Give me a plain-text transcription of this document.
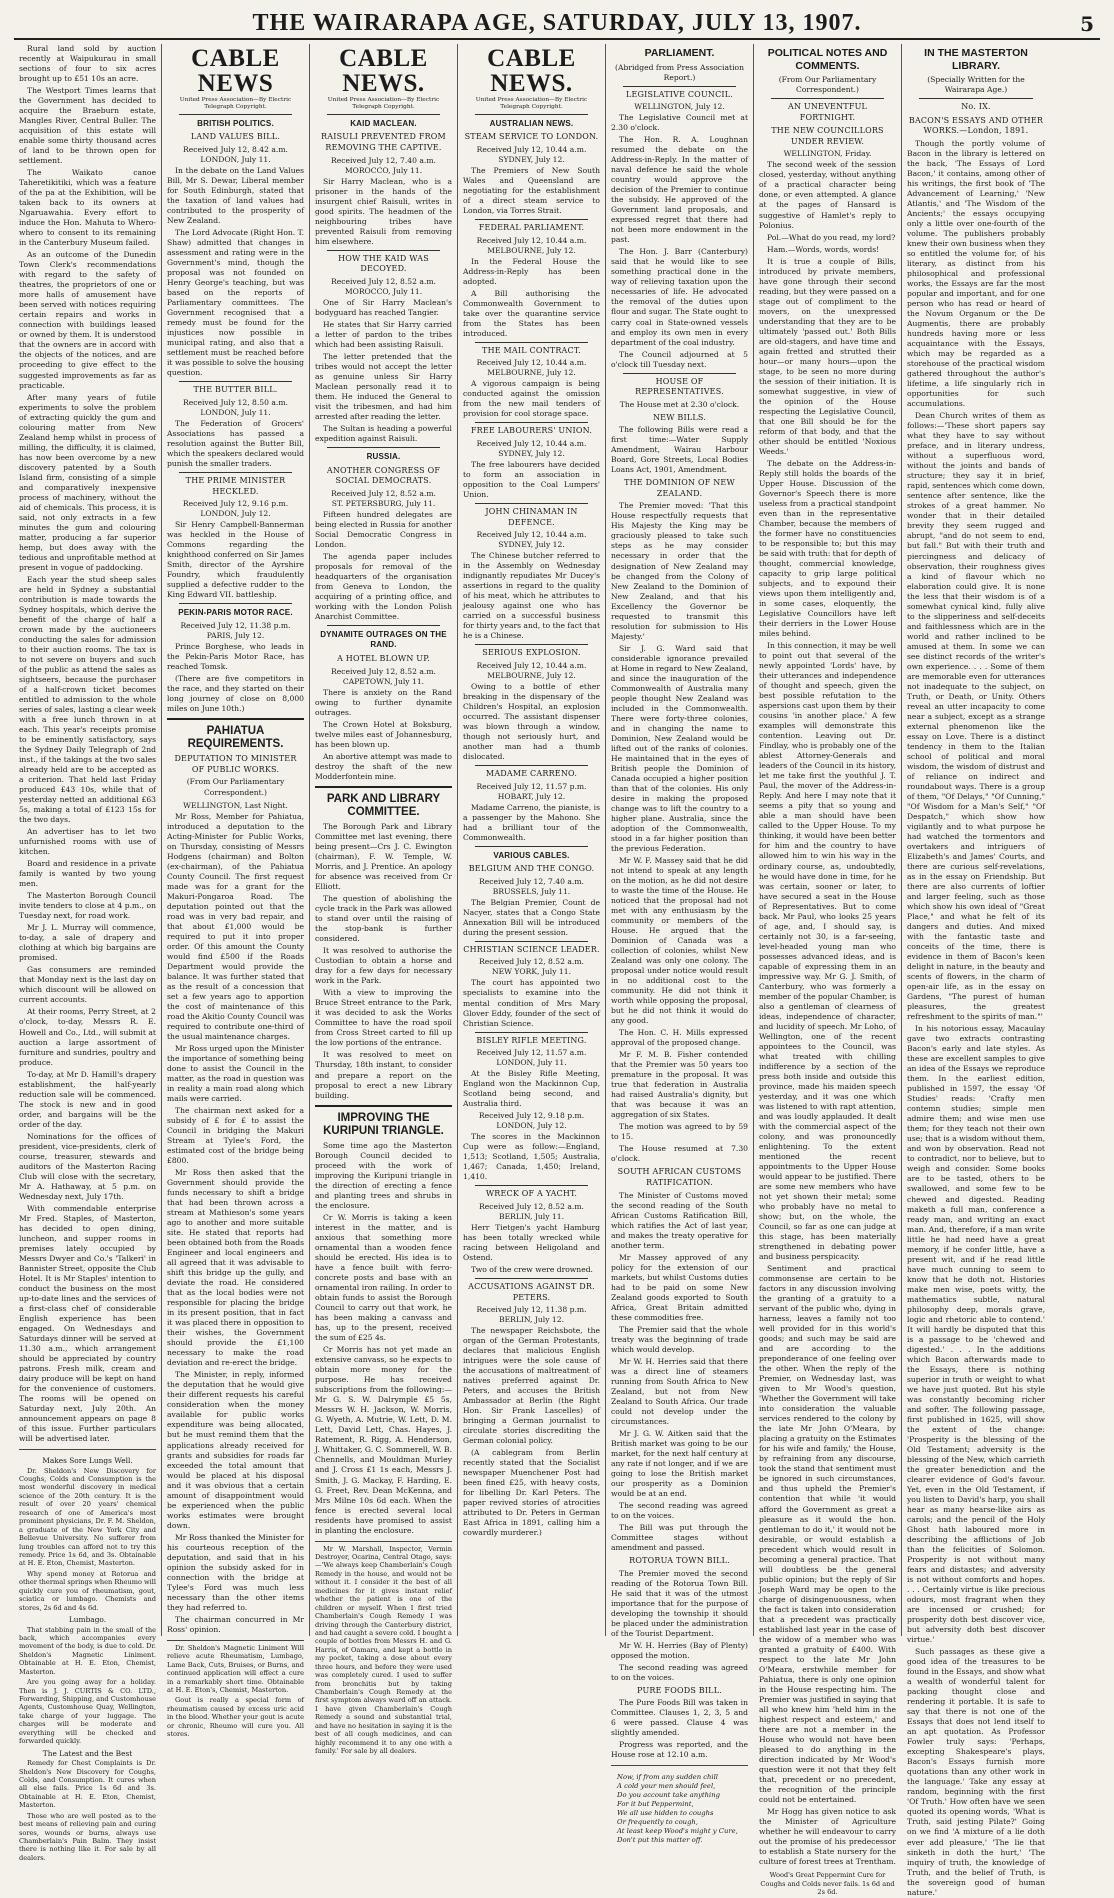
THE WAIRARAPA AGE, SATURDAY, JULY 13, 1907.	5

Rural land sold by auction recently at Waipukurau in small sections of four to six acres brought up to £51 10s an acre.

The Westport Times learns that the Government has decided to acquire the Braeburn estate, Mangles River, Central Buller. The acquisition of this estate will enable some thirty thousand acres of land to be thrown open for settlement.

The Waikato canoe Taheretikitiki, which was a feature of the pa at the Exhibition, will be taken back to its owners at Ngaruawahia. Every effort to induce the Hon. Mahuta to Whero-whero to consent to its remaining in the Canterbury Museum failed.

As an outcome of the Dunedin Town Clerk's recommendations with regard to the safety of theatres, the proprietors of one or more halls of amusement have been served with notices requiring certain repairs and works in connection with buildings leased or owned by them. It is understood that the owners are in accord with the objects of the notices, and are proceeding to give effect to the suggested improvements as far as practicable.

After many years of futile experiments to solve the problem of extracting quickly the gum and colouring matter from New Zealand hemp whilst in process of milling, the difficulty, it is claimed, has now been overcome by a new discovery patented by a South Island firm, consisting of a simple and comparatively inexpensive process of machinery, without the aid of chemicals. This process, it is said, not only extracts in a few minutes the gum and colouring matter, producing a far superior hemp, but does away with the tedious and unprofitable method at present in vogue of paddocking.

Each year the stud sheep sales are held in Sydney a substantial contribution is made towards the Sydney hospitals, which derive the benefit of the charge of half a crown made by the auctioneers conducting the sales for admission to their auction rooms. The tax is to not severe on buyers and such of the public as attend the sales as sightseers, because the purchaser of a half-crown ticket becomes entitled to admission to the whole series of sales, lasting a clear week with a free lunch thrown in at each. This year's receipts promise to be eminently satisfactory, says the Sydney Daily Telegraph of 2nd inst., if the takings at the two sales already held are to be accepted as a criterion. That held last Friday produced £43 10s, while that of yesterday netted an additional £63 5s, making a total of £123 15s for the two days.

An advertiser has to let two unfurnished rooms with use of kitchen.

Board and residence in a private family is wanted by two young men.

The Masterton Borough Council invite tenders to close at 4 p.m., on Tuesday next, for road work.

Mr J. L. Murray will commence, to-day, a sale of drapery and clothing at which big bargains are promised.

Gas consumers are reminded that Monday next is the last day on which discount will be allowed on current accounts.

At their rooms, Perry Street, at 2 o'clock, to-day, Messrs R. E. Howell and Co., Ltd., will submit at auction a large assortment of furniture and sundries, poultry and produce.

To-day, at Mr D. Hamill's drapery establishment, the half-yearly reduction sale will be commenced. The stock is new and in good order, and bargains will be the order of the day.

Nominations for the offices of president, vice-presidents, clerk of course, treasurer, stewards and auditors of the Masterton Racing Club will close with the secretary, Mr A. Hathaway, at 5 p.m. on Wednesday next, July 17th.

With commendable enterprise Mr Fred. Staples, of Masterton, has decided to open dining, luncheon, and supper rooms in premises lately occupied by Messrs Dwyer and Co.'s 'Talkeri' in Bannister Street, opposite the Club Hotel. It is Mr Staples' intention to conduct the business on the most up-to-date lines and the services of a first-class chef of considerable English experience has been engaged. On Wednesdays and Saturdays dinner will be served at 11.30 a.m., which arrangement should be appreciated by country patrons. Fresh milk, cream and dairy produce will be kept on hand for the convenience of customers. The rooms will be opened on Saturday next, July 20th. An announcement appears on page 8 of this issue. Further particulars will be advertised later.

Makes Sore Lungs Well.

Dr. Sheldon's New Discovery for Coughs, Colds and Consumption is the most wonderful discovery in medical science of the 20th century. It is the result of over 20 years' chemical research of one of America's most prominent physicians, Dr. F. M. Sheldon, a graduate of the New York City and Bellevue University. No sufferer from lung troubles can afford not to try this remedy. Price 1s 6d, and 3s. Obtainable at H. E. Eton, Chemist, Masterton.

Why spend money at Rotorua and other thermal springs when Rheumo will quickly cure you of rheumatism, gout, sciatica or lumbago. Chemists and stores, 2s 6d and 4s 6d.

Lumbago.

That stabbing pain in the small of the back, which accompanies every movement of the body, is due to cold. Dr. Sheldon's Magnetic Liniment. Obtainable at H. E. Eton, Chemist, Masterton.

Are you going away for a holiday. Then is J. J. CURTIS & CO. LTD., Forwarding, Shipping, and Customhouse Agents, Customhouse Quay, Wellington, take charge of your luggage. The charges will be moderate and everything will be checked and forwarded quickly.

The Latest and the Best

Remedy for Chest Complaints is Dr. Sheldon's New Discovery for Coughs, Colds, and Consumption. It cures when all else fails. Price 1s 6d and 3s. Obtainable at H. E. Eton, Chemist, Masterton.

Those who are well posted as to the best means of relieving pain and curing sores, wounds or burns, always use Chamberlain's Pain Balm. They insist there is nothing like it. For sale by all dealers.

CABLE NEWS
United Press Association—By Electric Telegraph Copyright.
BRITISH POLITICS.
LAND VALUES BILL.
Received July 12, 8.42 a.m.
LONDON, July 11.

In the debate on the Land Values Bill, Mr S. Dewar, Liberal member for South Edinburgh, stated that the taxation of land values had contributed to the prosperity of New Zealand.

The Lord Advocate (Right Hon. T. Shaw) admitted that changes in assessment and rating were in the Government's mind, though the proposal was not founded on Henry George's teaching, but was based on the reports of Parliamentary committees. The Government recognised that a remedy must be found for the injustices now possible in municipal rating, and also that a settlement must be reached before it was possible to solve the housing question.

THE BUTTER BILL.
Received July 12, 8.50 a.m.
LONDON, July 11.

The Federation of Grocers' Associations has passed a resolution against the Butter Bill, which the speakers declared would punish the smaller traders.

THE PRIME MINISTER HECKLED.
Received July 12, 9.16 p.m.
LONDON, July 12.

Sir Henry Campbell-Bannerman was heckled in the House of Commons regarding the knighthood conferred on Sir James Smith, director of the Ayrshire Foundry, which fraudulently supplied a defective rudder to the King Edward VII. battleship.

PEKIN-PARIS MOTOR RACE.
Received July 12, 11.38 p.m.
PARIS, July 12.

Prince Borghese, who leads in the Pekin-Paris Motor Race, has reached Tomsk.

(There are five competitors in the race, and they started on their long journey of close on 8,000 miles on June 10th.)

PAHIATUA REQUIREMENTS.
DEPUTATION TO MINISTER OF PUBLIC WORKS.
(From Our Parliamentary Correspondent.)
WELLINGTON, Last Night.

Mr Ross, Member for Pahiatua, introduced a deputation to the Acting-Minister for Public Works, on Thursday, consisting of Messrs Hodgens (chairman) and Bolton (ex-chairman), of the Pahiatua County Council. The first request made was for a grant for the Makuri-Pongaroa Road. The deputation pointed out that the road was in very bad repair, and that about £1,000 would be required to put it into proper order. Of this amount the County would find £500 if the Roads Department would provide the balance. It was further stated that as the result of a concession that set a few years ago to apportion the cost of maintenance of this road the Akitio County Council was required to contribute one-third of the usual maintenance charges.

Mr Ross urged upon the Minister the importance of something being done to assist the Council in the matter, as the road in question was in reality a main road along which mails were carried.

The chairman next asked for a subsidy of £ for £ to assist the Council in bridging the Makuri Stream at Tylee's Ford, the estimated cost of the bridge being £800.

Mr Ross then asked that the Government should provide the funds necessary to shift a bridge that had been thrown across a stream at Mathieson's some years ago to another and more suitable site. He stated that reports had been obtained both from the Roads Engineer and local engineers and all agreed that it was advisable to shift this bridge up the gully, and deviate the road. He considered that as the local bodies were not responsible for placing the bridge in its present position, that in fact it was placed there in opposition to their wishes, the Government should provide the £1,100 necessary to make the road deviation and re-erect the bridge.

The Minister, in reply, informed the deputation that he would give their different requests his careful consideration when the money available for public works expenditure was being allocated, but he must remind them that the applications already received for grants and subsidies for roads far exceeded the total amount that would be placed at his disposal and it was obvious that a certain amount of disappointment would be experienced when the public works estimates were brought down.

Mr Ross thanked the Minister for his courteous reception of the deputation, and said that in his opinion the subsidy asked for in connection with the bridge at Tylee's Ford was much less necessary than the other items they had referred to.

The chairman concurred in Mr Ross' opinion.

Dr. Sheldon's Magnetic Liniment Will relieve acute Rheumatism, Lumbago, Lame Back, Cuts, Bruises, or Burns, and continued application will effect a cure in a remarkably short time. Obtainable at H. E. Eton's, Chemist, Masterton.

Gout is really a special form of rheumatism caused by excess uric acid in the blood. Whether your gout is acute or chronic, Rheumo will cure you. All stores.

CABLE NEWS.
United Press Association—By Electric Telegraph Copyright.
KAID MACLEAN.
RAISULI PREVENTED FROM REMOVING THE CAPTIVE.
Received July 12, 7.40 a.m.
MOROCCO, July 11.

Sir Harry Maclean, who is a prisoner in the hands of the insurgent chief Raisuli, writes in good spirits. The headmen of the neighbouring tribes have prevented Raisuli from removing him elsewhere.

HOW THE KAID WAS DECOYED.
Received July 12, 8.52 a.m.
MOROCCO, July 11.

One of Sir Harry Maclean's bodyguard has reached Tangier.

He states that Sir Harry carried a letter of pardon to the tribes which had been assisting Raisuli.

The letter pretended that the tribes would not accept the letter as genuine unless Sir Harry Maclean personally read it to them. He induced the General to visit the tribesmen, and had him arrested after reading the letter.

The Sultan is heading a powerful expedition against Raisuli.

RUSSIA.
ANOTHER CONGRESS OF SOCIAL DEMOCRATS.
Received July 12, 8.52 a.m.
ST. PETERSBURG, July 11.

Fifteen hundred delegates are being elected in Russia for another Social Democratic Congress in London.

The agenda paper includes proposals for removal of the headquarters of the organisation from Geneva to London, the acquiring of a printing office, and working with the London Polish Anarchist Committee.

DYNAMITE OUTRAGES ON THE RAND.
A HOTEL BLOWN UP.
Received July 12, 8.52 a.m.
CAPETOWN, July 11.

There is anxiety on the Rand owing to further dynamite outrages.

The Crown Hotel at Boksburg, twelve miles east of Johannesburg, has been blown up.

An abortive attempt was made to destroy the shaft of the new Modderfontein mine.

PARK AND LIBRARY COMMITTEE.

The Borough Park and Library Committee met last evening, there being present—Crs J. C. Ewington (chairman), F. W. Temple, W. Morris, and J. Prentice. An apology for absence was received from Cr Elliott.

The question of abolishing the cycle track in the Park was allowed to stand over until the raising of the stop-bank is further considered.

It was resolved to authorise the Custodian to obtain a horse and dray for a few days for necessary work in the Park.

With a view to improving the Bruce Street entrance to the Park, it was decided to ask the Works Committee to have the road spoil from Cross Street carted to fill up the low portions of the entrance.

It was resolved to meet on Thursday, 18th instant, to consider and prepare a report on the proposal to erect a new Library building.

IMPROVING THE KURIPUNI TRIANGLE.

Some time ago the Masterton Borough Council decided to proceed with the work of improving the Kuripuni triangle in the direction of erecting a fence and planting trees and shrubs in the enclosure.

Cr W. Morris is taking a keen interest in the matter, and is anxious that something more ornamental than a wooden fence should be erected. His idea is to have a fence built with ferro-concrete posts and base with an ornamental iron railing. In order to obtain funds to assist the Borough Council to carry out that work, he has been making a canvass and has, up to the present, received the sum of £25 4s.

Cr Morris has not yet made an extensive canvass, so he expects to obtain more money for the purpose. He has received subscriptions from the following:—Mr G. S. W. Dalrymple £5 5s, Messrs W. H. Jackson, W. Morris, G. Wyeth, A. Mutrie, W. Lett, D. M. Lett, David Lett, Chas. Hayes, J. Ratement, R. Rigg, A. Henderson, J. Whittaker, G. C. Sommerell, W. B. Chennells, and Mouldman Murley and J. Cross £1 1s each, Messrs J. Smith, J. G. Mackay, F. Harding, E. G. Freet, Rev. Dean McKenna, and Mrs Milne 10s 6d each. When the fence is erected several local residents have promised to assist in planting the enclosure.

Mr W. Marshall, Inspector, Vermin Destroyer, Ocarina, Central Otago, says:—'We always keep Chamberlain's Cough Remedy in the house, and would not be without it. I consider it the best of all medicines for it gives instant relief whether the patient is one of the children or myself. When I first tried Chamberlain's Cough Remedy I was driving through the Canterbury district, and had caught a severe cold. I bought a couple of bottles from Messrs H. and G. Harris, of Oamaru, and kept a bottle in my pocket, taking a dose about every three hours, and before they were used was completely cured. I used to suffer from bronchitis but by taking Chamberlain's Cough Remedy at the first symptom always ward off an attack. I have given Chamberlain's Cough Remedy a sound and substantial trial, and have no hesitation in saying it is the best of all cough medicines, and can highly recommend it to any one with a family.' For sale by all dealers.

CABLE NEWS.
United Press Association—By Electric Telegraph Copyright.
AUSTRALIAN NEWS.
STEAM SERVICE TO LONDON.
Received July 12, 10.44 a.m.
SYDNEY, July 12.

The Premiers of New South Wales and Queensland are negotiating for the establishment of a direct steam service to London, via Torres Strait.

FEDERAL PARLIAMENT.
Received July 12, 10.44 a.m.
MELBOURNE, July 12.

In the Federal House the Address-in-Reply has been adopted.

A Bill authorising the Commonwealth Government to take over the quarantine service from the States has been introduced.

THE MAIL CONTRACT.
Received July 12, 10.44 a.m.
MELBOURNE, July 12.

A vigorous campaign is being conducted against the omission from the new mail tenders of provision for cool storage space.

FREE LABOURERS' UNION.
Received July 12, 10.44 a.m.
SYDNEY, July 12.

The free labourers have decided to form an association in opposition to the Coal Lumpers' Union.

JOHN CHINAMAN IN DEFENCE.
Received July 12, 10.44 a.m.
SYDNEY, July 12.

The Chinese butcher referred to in the Assembly on Wednesday indignantly repudiates Mr Ducey's assertions in regard to the quality of his meat, which he attributes to jealousy against one who has carried on a successful business for thirty years and, to the fact that he is a Chinese.

SERIOUS EXPLOSION.
Received July 12, 10.44 a.m.
MELBOURNE, July 12.

Owing to a bottle of ether breaking in the dispensary of the Children's Hospital, an explosion occurred. The assistant dispenser was blown through a window, though not seriously hurt, and another man had a thumb dislocated.

MADAME CARRENO.
Received July 12, 11.57 p.m.
HOBART, July 12.

Madame Carreno, the pianiste, is a passenger by the Mahono. She had a brilliant tour of the Commonwealth.

VARIOUS CABLES.
BELGIUM AND THE CONGO.
Received July 12, 7.40 a.m.
BRUSSELS, July 11.

The Belgian Premier, Count de Nacyer, states that a Congo State Annexation Bill will be introduced during the present session.

CHRISTIAN SCIENCE LEADER.
Received July 12, 8.52 a.m.
NEW YORK, July 11.

The court has appointed two specialists to examine into the mental condition of Mrs Mary Glover Eddy, founder of the sect of Christian Science.

BISLEY RIFLE MEETING.
Received July 12, 11.57 a.m.
LONDON, July 11.

At the Bisley Rifle Meeting, England won the Mackinnon Cup, Scotland being second, and Australia third.

Received July 12, 9.18 p.m.
LONDON, July 12.

The scores in the Mackinnon Cup were as follow:—England, 1,513; Scotland, 1,505; Australia, 1,467; Canada, 1,450; Ireland, 1,410.

WRECK OF A YACHT.
Received July 12, 8.52 a.m.
BERLIN, July 11.

Herr Tietgen's yacht Hamburg has been totally wrecked while racing between Heligoland and Ostend.

Two of the crew were drowned.

ACCUSATIONS AGAINST DR. PETERS.
Received July 12, 11.38 p.m.
BERLIN, July 12.

The newspaper Reichsbote, the organ of the German Protestants, declares that malicious English intrigues were the sole cause of the accusations of maltreatment of natives preferred against Dr. Peters, and accuses the British Ambassador at Berlin (the Right Hon. Sir Frank Lascelles) of bringing a German journalist to circulate stories discrediting the German colonial policy.

(A cablegram from Berlin recently stated that the Socialist newspaper Muenchener Post had been fined £25, with heavy costs, for libelling Dr. Karl Peters. The paper revived stories of atrocities attributed to Dr. Peters in German East Africa in 1891, calling him a cowardly murderer.)

PARLIAMENT.
(Abridged from Press Association Report.)
LEGISLATIVE COUNCIL.
WELLINGTON, July 12.

The Legislative Council met at 2.30 o'clock.

The Hon. R. A. Loughnan resumed the debate on the Address-in-Reply. In the matter of naval defence he said the whole country would approve the decision of the Premier to continue the subsidy. He approved of the Government land proposals, and expressed regret that there had not been more endowment in the past.

The Hon. J. Barr (Canterbury) said that he would like to see something practical done in the way of relieving taxation upon the necessaries of life. He advocated the removal of the duties upon flour and sugar. The State ought to carry coal in State-owned vessels and employ its own men in every department of the coal industry.

The Council adjourned at 5 o'clock till Tuesday next.

HOUSE OF REPRESENTATIVES.
The House met at 2.30 o'clock.
NEW BILLS.

The following Bills were read a first time:—Water Supply Amendment, Wairau Harbour Board, Gore Streets, Local Bodies Loans Act, 1901, Amendment.

THE DOMINION OF NEW ZEALAND.

The Premier moved: 'That this House respectfully requests that His Majesty the King may be graciously pleased to take such steps as he may consider necessary in order that the designation of New Zealand may be changed from the Colony of New Zealand to the Dominion of New Zealand, and that his Excellency the Governor be requested to transmit this resolution for submission to His Majesty.'

Sir J. G. Ward said that considerable ignorance prevailed at Home in regard to New Zealand, and since the inauguration of the Commonwealth of Australia many people thought New Zealand was included in the Commonwealth. There were forty-three colonies, and in changing the name to Dominion, New Zealand would be lifted out of the ranks of colonies. He maintained that in the eyes of British people the Dominion of Canada occupied a higher position than that of the colonies. His only desire in making the proposed change was to lift the country to a higher plane. Australia, since the adoption of the Commonwealth, stood in a far higher position than the previous Federation.

Mr W. F. Massey said that he did not intend to speak at any length on the motion, as he did not desire to waste the time of the House. He noticed that the proposal had not met with any enthusiasm by the community or members of the House. He argued that the Dominion of Canada was a collection of colonies, whilst New Zealand was only one colony. The proposal under notice would result in no additional cost to the community. He did not think it worth while opposing the proposal, but he did not think it would do any good.

The Hon. C. H. Mills expressed approval of the proposed change.

Mr F. M. B. Fisher contended that the Premier was 50 years too premature in the proposal. It was true that federation in Australia had raised Australia's dignity, but that was because it was an aggregation of six States.

The motion was agreed to by 59 to 15.

The House resumed at 7.30 o'clock.

SOUTH AFRICAN CUSTOMS RATIFICATION.

The Minister of Customs moved the second reading of the South African Customs Ratification Bill, which ratifies the Act of last year, and makes the treaty operative for another term.

Mr Massey approved of any policy for the extension of our markets, but whilst Customs duties had to be paid on some New Zealand goods exported to South Africa, Great Britain admitted these commodities free.

The Premier said that the whole treaty was the beginning of trade which would develop.

Mr W. H. Herries said that there was a direct line of steamers running from South Africa to New Zealand, but not from New Zealand to South Africa. Our trade could not develop under the circumstances.

Mr J. G. W. Aitken said that the British market was going to be our market, for the next half century at any rate if not longer, and if we are going to lose the British market our prosperity as a Dominion would be at an end.

The second reading was agreed to on the voices.

The Bill was put through the Committee stages without amendment and passed.

ROTORUA TOWN BILL.

The Premier moved the second reading of the Rotorua Town Bill. He said that it was of the utmost importance that for the purpose of developing the township it should be placed under the administration of the Tourist Department.

Mr W. H. Herries (Bay of Plenty) opposed the motion.

The second reading was agreed to on the voices.

PURE FOODS BILL.

The Pure Foods Bill was taken in Committee. Clauses 1, 2, 3, 5 and 6 were passed. Clause 4 was slightly amended.

Progress was reported, and the House rose at 12.10 a.m.

Now, if from any sudden chill
A cold your men should feel,
Do you account take anything
For it but Peppermint,
We all use hidden to coughs
Or frequently to cough,
At least keep Wood's might y Cure,
Don't put this matter off.
POLITICAL NOTES AND COMMENTS.
(From Our Parliamentary Correspondent.)
AN UNEVENTFUL FORTNIGHT.
THE NEW COUNCILLORS UNDER REVIEW.
WELLINGTON, Friday.

The second week of the session closed, yesterday, without anything of a practical character being done, or even attempted. A glance at the pages of Hansard is suggestive of Hamlet's reply to Polonius.

Pol.—What do you read, my lord?

Ham.—Words, words, words!

It is true a couple of Bills, introduced by private members, have gone through their second reading, but they were passed on a stage out of compliment to the movers, on the unexpressed understanding that they are to be ultimately 'passed out.' Both Bills are old-stagers, and have time and again fretted and strutted their hour—or many hours—upon the stage, to be seen no more during the session of their initiation. It is somewhat suggestive, in view of the opinion of the House respecting the Legislative Council, that one Bill should be for the reform of that body, and that the other should be entitled 'Noxious Weeds.'

The debate on the Address-in-Reply still holds the boards of the Upper House. Discussion of the Governor's Speech there is more useless from a practical standpoint even than in the representative Chamber, because the members of the former have no constituencies to be responsible to; but this may be said with truth: that for depth of thought, commercial knowledge, capacity to grip large political subjects, and to expound their views upon them intelligently and, in some cases, eloquently, the Legislative Councillors have left their derriers in the Lower House miles behind.

In this connection, it may be well to point out that several of the newly appointed 'Lords' have, by their utterances and independence of thought and speech, given the best possible refutation to the aspersions cast upon them by their cousins 'in another place.' A few examples will demonstrate this contention. Leaving out Dr. Findlay, who is probably one of the ablest Attorney-Generals and leaders of the Council in its history, let me take first the youthful J. T. Paul, the mover of the Address-in-Reply. And here I may note that it seems a pity that so young and able a man should have been called to the Upper House. To my thinking, it would have been better for him and the country to have allowed him to win his way in the ordinary course, as, undoubtedly, he would have done in time, for he was certain, sooner or later, to have secured a seat in the House of Representatives. But to come back. Mr Paul, who looks 25 years of age, and, I should say, is certainly not 30, is a far-seeing, level-headed young man who possesses advanced ideas, and is capable of expressing them in an impressive way. Mr G. J. Smith, of Canterbury, who was formerly a member of the popular Chamber, is also a gentleman of clearness of ideas, independence of character, and lucidity of speech. Mr Loho, of Wellington, one of the recent appointees to the Council, was what treated with chilling indifference by a section of the press both inside and outside this province, made his maiden speech yesterday, and it was one which was listened to with rapt attention, and was loudly applauded. It dealt with the commercial aspect of the colony, and was pronouncedly enlightening. To the extent mentioned the recent appointments to the Upper House would appear to be justified. There are some new members who have not yet shown their metal; some who probably have no metal to show; but, on the whole, the Council, so far as one can judge at this stage, has been materially strengthened in debating power and business perspicacity.

Sentiment and practical commonsense are certain to be factors in any discussion involving the granting of a gratuity to a servant of the public who, dying in harness, leaves a family not too well provided for in this world's goods; and such may be said are and are according to the preponderance of one feeling over the other. When the reply of the Premier, on Wednesday last, was given to Mr Wood's question, 'Whether the Government will take into consideration the valuable services rendered to the colony by the late Mr John O'Meara, by placing a gratuity on the Estimates for his wife and family,' the House, by refraining from any discourse, took the stand that sentiment must be ignored in such circumstances, and thus upheld the Premier's contention that while 'it would afford the Government as great a pleasure as it would the hon. gentleman to do it,' it would not be desirable, or would establish a precedent which would result in becoming a general practice. That will doubtless be the general public opinion; but the reply of Sir Joseph Ward may be open to the charge of disingenuousness, when the fact is taken into consideration that a precedent was practically established last year in the case of the widow of a member who was granted a gratuity of £400. With respect to the late Mr John O'Meara, erstwhile member for Pahiatua, there is only one opinion in the House respecting him. The Premier was justified in saying that all who knew him 'held him in the highest respect and esteem,' and there are not a member in the House who would not have been pleased to do anything in the direction indicated by Mr Wood's question were it not that they felt that, precedent or no precedent, the recognition of the principle could not be entertained.

Mr Hogg has given notice to ask the Minister of Agriculture whether he will endeavour to carry out the promise of his predecessor to establish a State nursery for the culture of forest trees at Trentham.

Wood's Great Peppermint Cure for Coughs and Colds never fails. 1s 6d and 2s 6d.
IN THE MASTERTON LIBRARY.
(Specially Written for the Wairarapa Age.)
No. IX.
BACON'S ESSAYS AND OTHER WORKS.—London, 1891.

Though the portly volume of Bacon in the library is lettered on the back, 'The Essays of Lord Bacon,' it contains, among other of his writings, the first book of 'The Advancement of Learning,' 'New Atlantis,' and 'The Wisdom of the Ancients;' the essays occupying only a little over one-fourth of the volume. The publishers probably knew their own business when they so entitled the volume for, of his literary, as distinct from his philosophical and professional works, the Essays are far the most popular and important, and for one person who has read or heard of the Novum Organum or the De Augmentis, there are probably hundreds having more or less acquaintance with the Essays, which may be regarded as a storehouse of the practical wisdom gathered throughout the author's lifetime, a life singularly rich in opportunities for such accumulations.

Dean Church writes of them as follows:—'These short papers say what they have to say without preface, and in literary undress, without a superfluous word, without the joints and bands of structure; they say it in brief, rapid, sentences which come down, sentence after sentence, like the strokes of a great hammer. No wonder that in their detailed brevity they seem rugged and abrupt, "and do not seem to end, but fall." But with their truth and piercingness and delicacy of observation, their roughness gives a kind of flavour which no elaboration could give. It is none the less that their wisdom is of a somewhat cynical kind, fully alive to the slipperiness and self-deceits and faithlessness which are in the world and rather inclined to be amused at them. In some we can see distinct records of the writer's own experience. . . . Some of them are memorable even for utterances not inadequate to the subject, on Truth, or Death, or Unity. Others reveal an utter incapacity to come near a subject, except as a strange external phenomenon like the essay on Love. There is a distinct tendency in them to the Italian school of political and moral wisdom, the wisdom of distrust and of reliance on indirect and roundabout ways. There is a group of them, "Of Delays," "Of Cunning," "Of Wisdom for a Man's Self," "Of Despatch," which show how vigilantly and to what purpose he had watched the tormentors and overtakers and intriguers of Elizabeth's and James' Courts, and there are curious self-revelations, as in the essay on Friendship. But there are also currents of loftier and larger feeling, such as those which show his own ideal of "Great Place," and what he felt of its dangers and duties. And mixed with the fantastic taste and conceits of the time, there is evidence in them of Bacon's keen delight in nature, in the beauty and scents of flowers, in the charm of open-air life, as in the essay on Gardens, "The purest of human pleasures, the greatest refreshment to the spirits of man."'

In his notorious essay, Macaulay gave two extracts contrasting Bacon's early and late styles. As these are excellent samples to give an idea of the Essays we reproduce them. In the earliest edition, published in 1597, the essay 'Of Studies' reads: 'Crafty men contemn studies; simple men admire them; and wise men use them; for they teach not their own use; that is a wisdom without them, and won by observation. Read not to contradict, nor to believe, but to weigh and consider. Some books are to be tasted, others to be swallowed, and some few to be chewed and digested. Reading maketh a full man, conference a ready man, and writing an exact man. And, therefore, if a man write little he had need have a great memory, if he confer little, have a present wit, and if he read little have much cunning to seem to know that he doth not. Histories make men wise, poets witty, the mathematics subtle, natural philosophy deep, morals grave, logic and rhetoric able to contend.' It will hardly be disputed that this is a passage to be 'chewed and digested.' . . . In the additions which Bacon afterwards made to the Essays, there is nothing superior in truth or weight to what we have just quoted. But his style was constantly becoming richer and softer. The following passage, first published in 1625, will show the extent of the change: 'Prosperity is the blessing of the Old Testament; adversity is the blessing of the New, which carrieth the greater benediction and the clearer evidence of God's favour. Yet, even in the Old Testament, if you listen to David's harp, you shall hear as many hearse-like airs as carols; and the pencil of the Holy Ghost hath laboured more in describing the afflictions of Job than the felicities of Solomon. Prosperity is not without many fears and distastes; and adversity is not without comforts and hopes. . . . Certainly virtue is like precious odours, most fragrant when they are incensed or crushed; for prosperity doth best discover vice, but adversity doth best discover virtue.'

Such passages as these give a good idea of the treasures to be found in the Essays, and show what a wealth of wonderful talent for packing thought close and rendering it portable. It is safe to say that there is not one of the Essays that does not lend itself to an apt quotation. As Professor Fowler truly says: 'Perhaps, excepting Shakespeare's plays, Bacon's Essays furnish more quotations than any other work in the language.' Take any essay at random, beginning with the first 'Of Truth.' How often have we seen quoted its opening words, 'What is Truth, said jesting Pilate?' Going on we find 'A mixture of a lie doth ever add pleasure,' 'The lie that sinketh in doth the hurt,' 'The inquiry of truth, the knowledge of Truth, and the belief of Truth, is the sovereign good of human nature.'
